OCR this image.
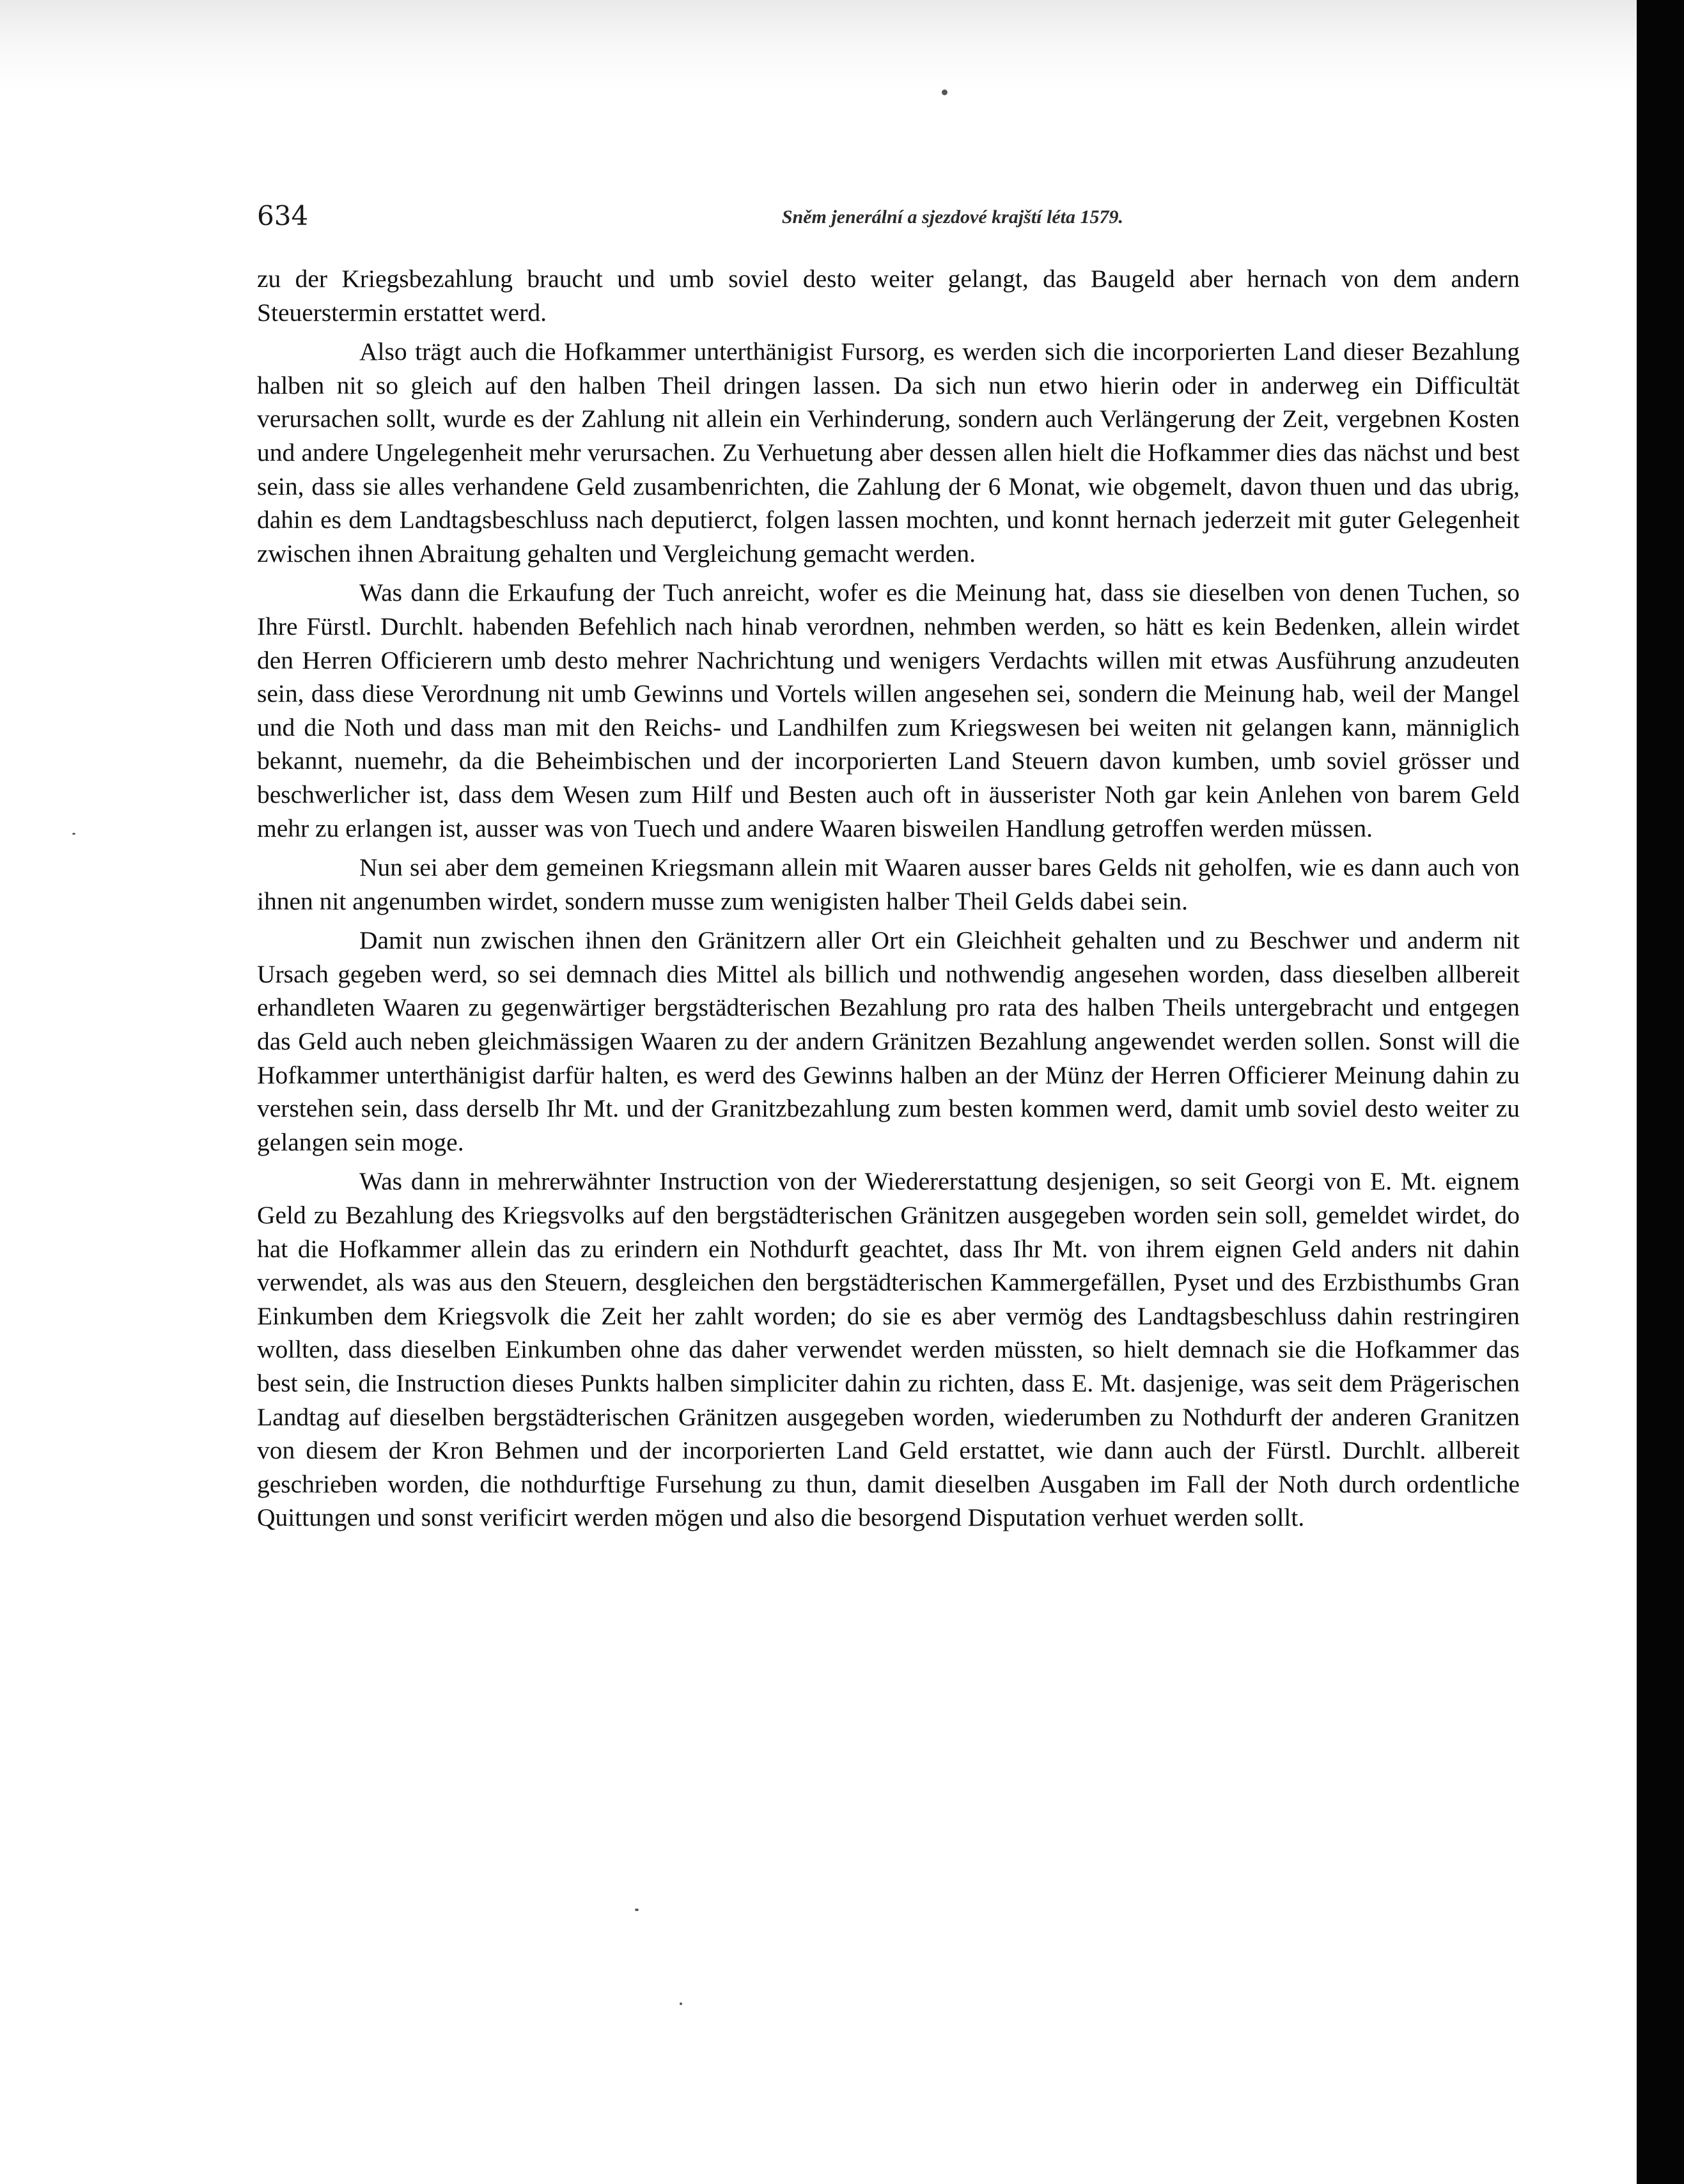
634	Sněm jenerální a sjezdové krajští léta 1579.

zu der Kriegsbezahlung braucht und umb soviel desto weiter gelangt, das Baugeld aber hernach von dem andern Steuerstermin erstattet werd.

Also trägt auch die Hofkammer unterthänigist Fursorg, es werden sich die incorporierten Land dieser Bezahlung halben nit so gleich auf den halben Theil dringen lassen. Da sich nun etwo hierin oder in anderweg ein Difficultät verursachen sollt, wurde es der Zahlung nit allein ein Verhinderung, sondern auch Verlängerung der Zeit, vergebnen Kosten und andere Ungelegenheit mehr verursachen. Zu Verhuetung aber dessen allen hielt die Hofkammer dies das nächst und best sein, dass sie alles verhandene Geld zusambenrichten, die Zahlung der 6 Monat, wie obgemelt, davon thuen und das ubrig, dahin es dem Landtagsbeschluss nach deputierct, folgen lassen mochten, und konnt hernach jederzeit mit guter Gelegenheit zwischen ihnen Abraitung gehalten und Vergleichung gemacht werden.

Was dann die Erkaufung der Tuch anreicht, wofer es die Meinung hat, dass sie dieselben von denen Tuchen, so Ihre Fürstl. Durchlt. habenden Befehlich nach hinab verordnen, nehmben werden, so hätt es kein Bedenken, allein wirdet den Herren Officierern umb desto mehrer Nachrichtung und wenigers Verdachts willen mit etwas Ausführung anzudeuten sein, dass diese Verordnung nit umb Gewinns und Vortels willen angesehen sei, sondern die Meinung hab, weil der Mangel und die Noth und dass man mit den Reichs- und Landhilfen zum Kriegswesen bei weiten nit gelangen kann, männiglich bekannt, nuemehr, da die Beheimbischen und der incorporierten Land Steuern davon kumben, umb soviel grösser und beschwerlicher ist, dass dem Wesen zum Hilf und Besten auch oft in äusserister Noth gar kein Anlehen von barem Geld mehr zu erlangen ist, ausser was von Tuech und andere Waaren bisweilen Handlung getroffen werden müssen.

Nun sei aber dem gemeinen Kriegsmann allein mit Waaren ausser bares Gelds nit geholfen, wie es dann auch von ihnen nit angenumben wirdet, sondern musse zum wenigisten halber Theil Gelds dabei sein.

Damit nun zwischen ihnen den Gränitzern aller Ort ein Gleichheit gehalten und zu Beschwer und anderm nit Ursach gegeben werd, so sei demnach dies Mittel als billich und nothwendig angesehen worden, dass dieselben allbereit erhandleten Waaren zu gegenwärtiger bergstädterischen Bezahlung pro rata des halben Theils untergebracht und entgegen das Geld auch neben gleichmässigen Waaren zu der andern Gränitzen Bezahlung angewendet werden sollen. Sonst will die Hofkammer unterthänigist darfür halten, es werd des Gewinns halben an der Münz der Herren Officierer Meinung dahin zu verstehen sein, dass derselb Ihr Mt. und der Granitzbezahlung zum besten kommen werd, damit umb soviel desto weiter zu gelangen sein moge.

Was dann in mehrerwähnter Instruction von der Wiedererstattung desjenigen, so seit Georgi von E. Mt. eignem Geld zu Bezahlung des Kriegsvolks auf den bergstädterischen Gränitzen ausgegeben worden sein soll, gemeldet wirdet, do hat die Hofkammer allein das zu erindern ein Nothdurft geachtet, dass Ihr Mt. von ihrem eignen Geld anders nit dahin verwendet, als was aus den Steuern, desgleichen den bergstädterischen Kammergefällen, Pyset und des Erzbisthumbs Gran Einkumben dem Kriegsvolk die Zeit her zahlt worden; do sie es aber vermög des Landtagsbeschluss dahin restringiren wollten, dass dieselben Einkumben ohne das daher verwendet werden müssten, so hielt demnach sie die Hofkammer das best sein, die Instruction dieses Punkts halben simpliciter dahin zu richten, dass E. Mt. dasjenige, was seit dem Prägerischen Landtag auf dieselben bergstädterischen Gränitzen ausgegeben worden, wiederumben zu Nothdurft der anderen Granitzen von diesem der Kron Behmen und der incorporierten Land Geld erstattet, wie dann auch der Fürstl. Durchlt. allbereit geschrieben worden, die nothdurftige Fursehung zu thun, damit dieselben Ausgaben im Fall der Noth durch ordentliche Quittungen und sonst verificirt werden mögen und also die besorgend Disputation verhuet werden sollt.
